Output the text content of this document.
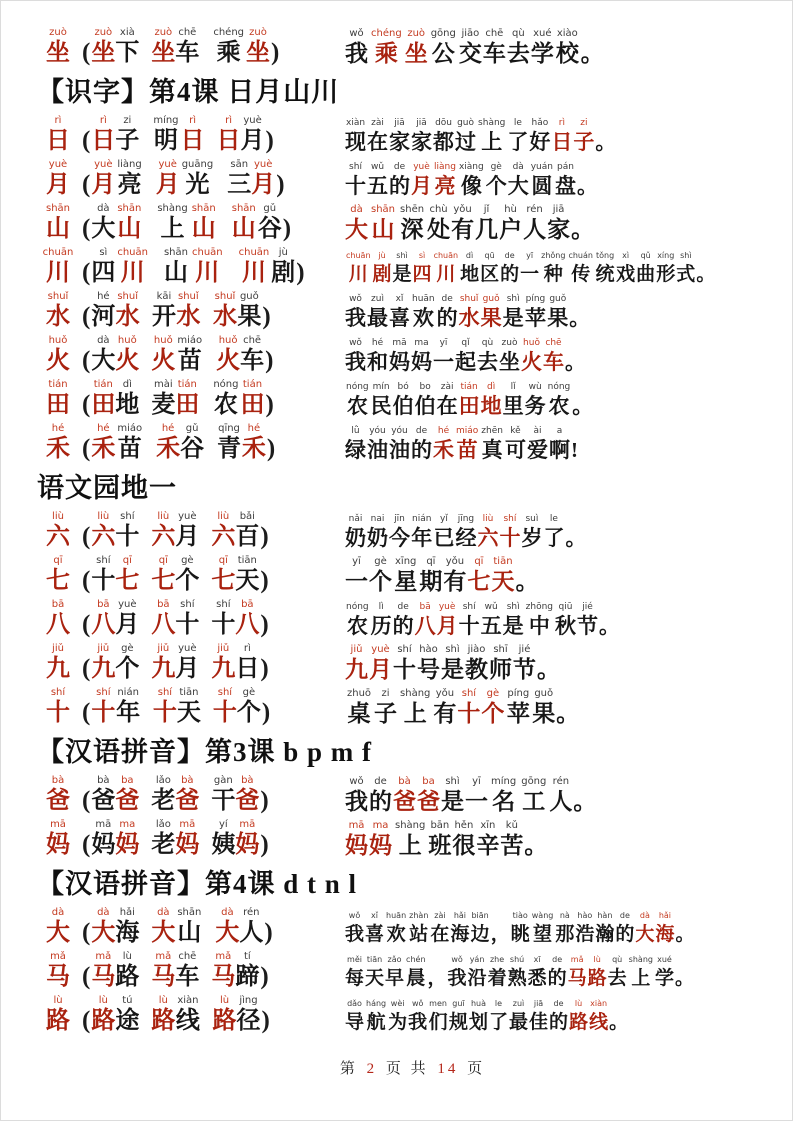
zuò
坐 (
zuò
坐
xià
下
zuò
坐
chē
车
chéng
乘
zuò
坐 )
wǒ
我
chéng
乘
zuò
坐
gōng
公
jiāo
交
chē
车
qù
去
xué
学
xiào
校 。
【识字】第4课 日月山川
rì
日 (
rì
日
zi
子
míng
明
rì
日
rì
日
yuè
月 )
xiàn
现
zài
在
jiā
家
jiā
家
dōu
都
guò
过
shàng
上
le
了
hǎo
好
rì
日
zi
子 。
yuè
月 (
yuè
月
liàng
亮
yuè
月
guāng
光
sān
三
yuè
月 )
shí
十
wǔ
五
de
的
yuè
月
liàng
亮
xiàng
像
gè
个
dà
大
yuán
圆
pán
盘 。
shān
山 (
dà
大
shān
山
shàng
上
shān
山
shān
山
gǔ
谷 )
dà
大
shān
山
shēn
深
chù
处
yǒu
有
jǐ
几
hù
户
rén
人
jiā
家 。
chuān
川 (
sì
四
chuān
川
shān
山
chuān
川
chuān
川
jù
剧 )
chuān
川
jù
剧
shì
是
sì
四
chuān
川
dì
地
qū
区
de
的
yī
一
zhǒng
种
chuán
传
tǒng
统
xì
戏
qǔ
曲
xíng
形
shì
式 。
shuǐ
水 (
hé
河
shuǐ
水
kāi
开
shuǐ
水
shuǐ
水
guǒ
果 )
wǒ
我
zuì
最
xǐ
喜
huān
欢
de
的
shuǐ
水
guǒ
果
shì
是
píng
苹
guǒ
果 。
huǒ
火 (
dà
大
huǒ
火
huǒ
火
miáo
苗
huǒ
火
chē
车 )
wǒ
我
hé
和
mā
妈
ma
妈
yī
一
qǐ
起
qù
去
zuò
坐
huǒ
火
chē
车 。
tián
田 (
tián
田
dì
地
mài
麦
tián
田
nóng
农
tián
田 )
nóng
农
mín
民
bó
伯
bo
伯
zài
在
tián
田
dì
地
lǐ
里
wù
务
nóng
农 。
hé
禾 (
hé
禾
miáo
苗
hé
禾
gǔ
谷
qīng
青
hé
禾 )
lǜ
绿
yóu
油
yóu
油
de
的
hé
禾
miáo
苗
zhēn
真
kě
可
ài
爱
a
啊 !
语文园地一
liù
六 (
liù
六
shí
十
liù
六
yuè
月
liù
六
bǎi
百 )
nǎi
奶
nai
奶
jīn
今
nián
年
yǐ
已
jīng
经
liù
六
shí
十
suì
岁
le
了 。
qī
七 (
shí
十
qī
七
qī
七
gè
个
qī
七
tiān
天 )
yī
一
gè
个
xīng
星
qī
期
yǒu
有
qī
七
tiān
天 。
bā
八 (
bā
八
yuè
月
bā
八
shí
十
shí
十
bā
八 )
nóng
农
lì
历
de
的
bā
八
yuè
月
shí
十
wǔ
五
shì
是
zhōng
中
qiū
秋
jié
节 。
jiǔ
九 (
jiǔ
九
gè
个
jiǔ
九
yuè
月
jiǔ
九
rì
日 )
jiǔ
九
yuè
月
shí
十
hào
号
shì
是
jiào
教
shī
师
jié
节 。
shí
十 (
shí
十
nián
年
shí
十
tiān
天
shí
十
gè
个 )
zhuō
桌
zi
子
shàng
上
yǒu
有
shí
十
gè
个
píng
苹
guǒ
果 。
【汉语拼音】第3课 b p m f
bà
爸 (
bà
爸
ba
爸
lǎo
老
bà
爸
gàn
干
bà
爸 )
wǒ
我
de
的
bà
爸
ba
爸
shì
是
yī
一
míng
名
gōng
工
rén
人 。
mā
妈 (
mā
妈
ma
妈
lǎo
老
mā
妈
yí
姨
mā
妈 )
mā
妈
ma
妈
shàng
上
bān
班
hěn
很
xīn
辛
kǔ
苦 。
【汉语拼音】第4课 d t n l
dà
大 (
dà
大
hǎi
海
dà
大
shān
山
dà
大
rén
人 )
wǒ
我
xǐ
喜
huān
欢
zhàn
站
zài
在
hǎi
海
biān
边 ，
tiào
眺
wàng
望
nà
那
hào
浩
hàn
瀚
de
的
dà
大
hǎi
海 。
mǎ
马 (
mǎ
马
lù
路
mǎ
马
chē
车
mǎ
马
tí
蹄 )
měi
每
tiān
天
zǎo
早
chén
晨 ，
wǒ
我
yán
沿
zhe
着
shú
熟
xī
悉
de
的
mǎ
马
lù
路
qù
去
shàng
上
xué
学 。
lù
路 (
lù
路
tú
途
lù
路
xiàn
线
lù
路
jìng
径 )
dǎo
导
háng
航
wèi
为
wǒ
我
men
们
guī
规
huà
划
le
了
zuì
最
jiā
佳
de
的
lù
路
xiàn
线 。
第 2 页 共 14 页
